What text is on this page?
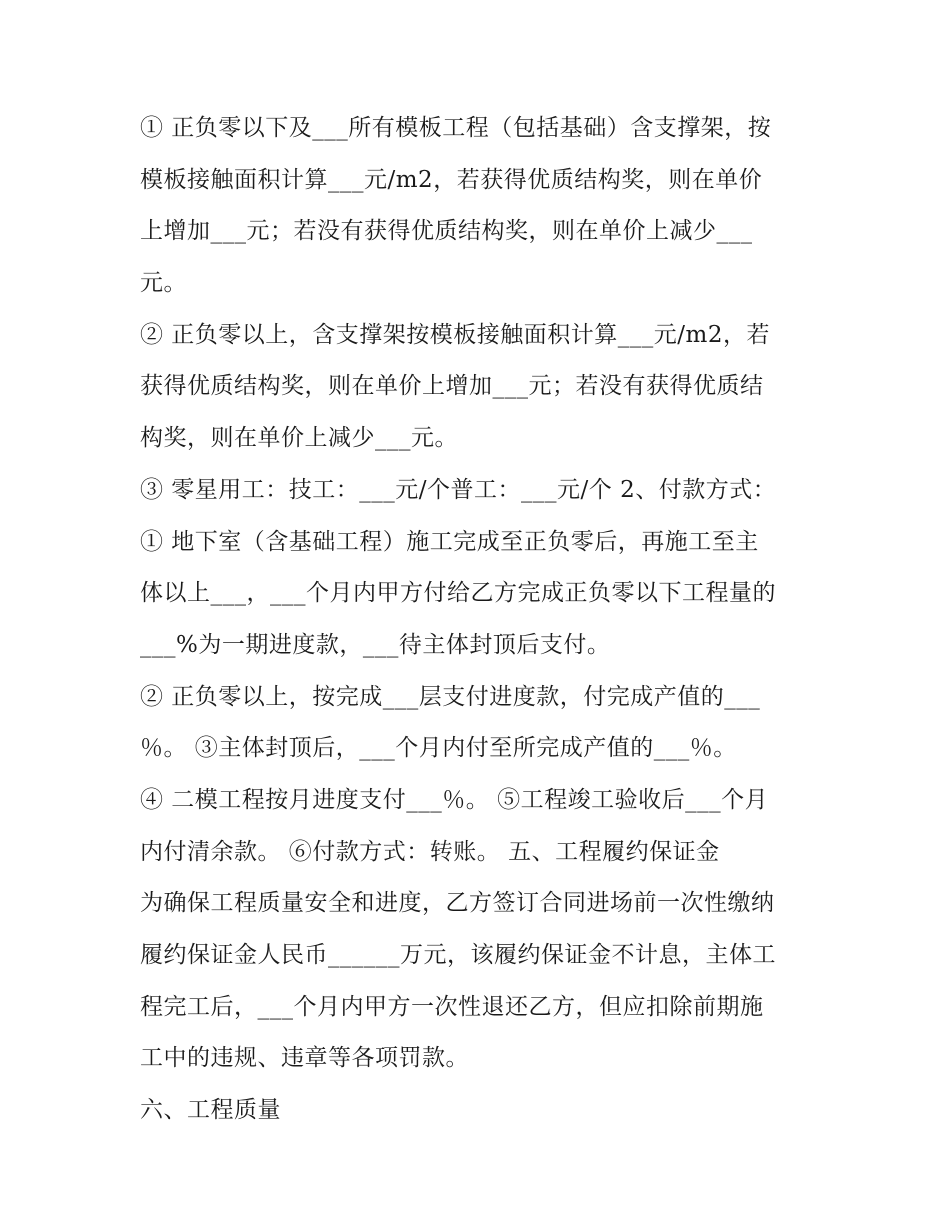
① 正负零以下及___所有模板工程（包括基础）含支撑架，按
模板接触面积计算___元/m2，若获得优质结构奖，则在单价
上增加___元；若没有获得优质结构奖，则在单价上减少___
元。
② 正负零以上，含支撑架按模板接触面积计算___元/m2，若
获得优质结构奖，则在单价上增加___元；若没有获得优质结
构奖，则在单价上减少___元。
③ 零星用工：技工：___元/个普工：___元/个 2、付款方式：
① 地下室（含基础工程）施工完成至正负零后，再施工至主
体以上___，___个月内甲方付给乙方完成正负零以下工程量的
___%为一期进度款，___待主体封顶后支付。
② 正负零以上，按完成___层支付进度款，付完成产值的___
％。 ③主体封顶后，___个月内付至所完成产值的___％。
④ 二模工程按月进度支付___％。 ⑤工程竣工验收后___个月
内付清余款。 ⑥付款方式：转账。 五、工程履约保证金
为确保工程质量安全和进度，乙方签订合同进场前一次性缴纳
履约保证金人民币______万元，该履约保证金不计息，主体工
程完工后，___个月内甲方一次性退还乙方，但应扣除前期施
工中的违规、违章等各项罚款。
六、工程质量
